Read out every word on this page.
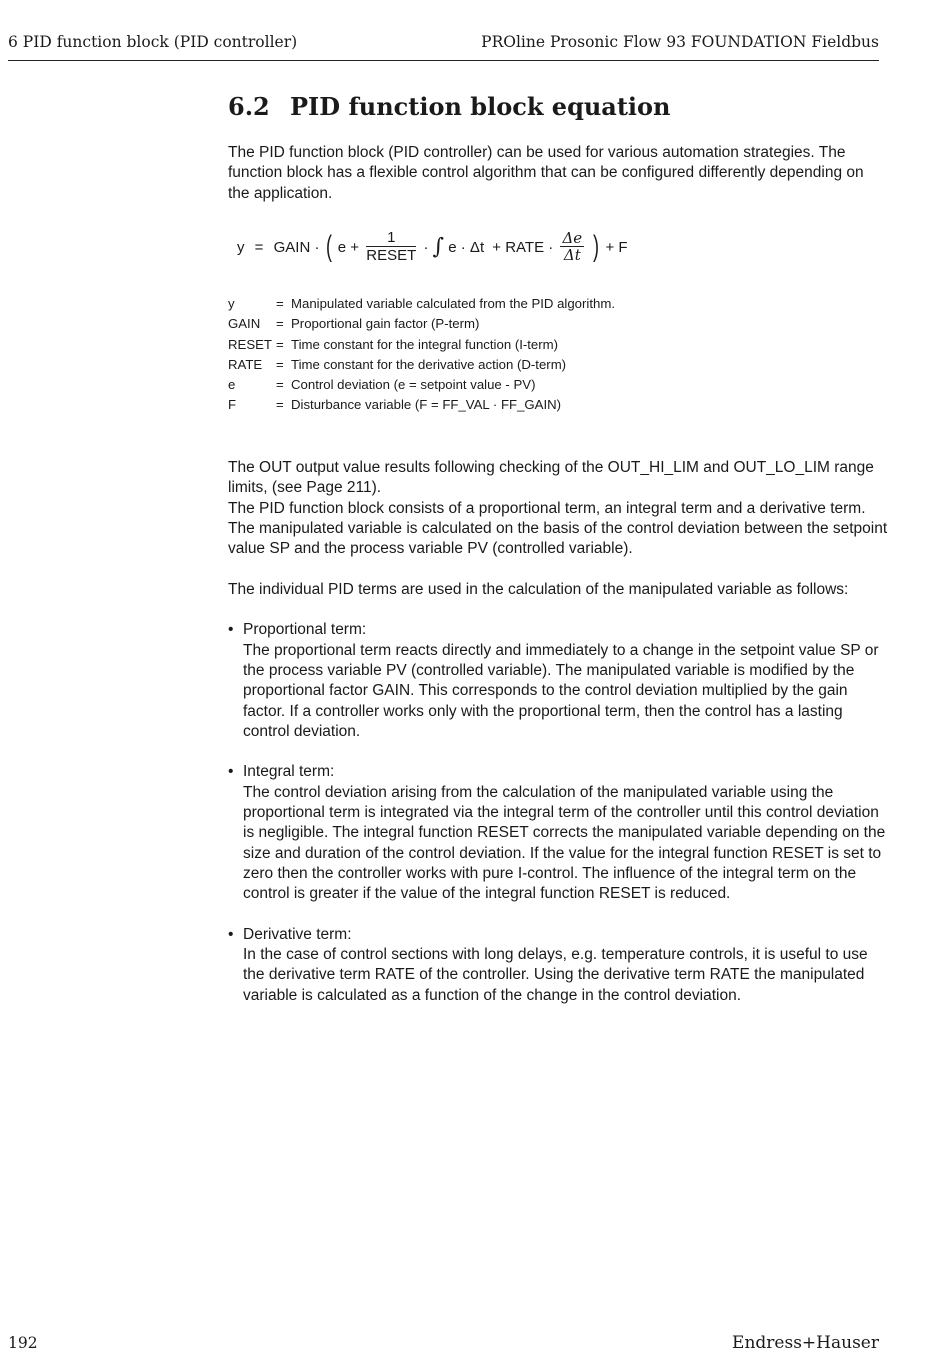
6 PID function block (PID controller)	PROline Prosonic Flow 93 FOUNDATION Fieldbus
6.2 PID function block equation

The PID function block (PID controller) can be used for various automation strategies. The function block has a flexible control algorithm that can be configured differently depending on the application.

y = GAIN · ( $e + \frac{1}{\text{RESET}}$ · ∫ e · Δt + RATE · $\frac{\Delta e}{\Delta t}$ ) + F
y	= Manipulated variable calculated from the PID algorithm.
GAIN	= Proportional gain factor (P-term)
RESET = Time constant for the integral function (I-term)
RATE	= Time constant for the derivative action (D-term)
e	= Control deviation (e = setpoint value - PV)
F	= Disturbance variable (F = FF_VAL · FF_GAIN)

The OUT output value results following checking of the OUT_HI_LIM and OUT_LO_LIM range limits, (see Page 211).

The PID function block consists of a proportional term, an integral term and a derivative term. The manipulated variable is calculated on the basis of the control deviation between the setpoint value SP and the process variable PV (controlled variable).

The individual PID terms are used in the calculation of the manipulated variable as follows:

• Proportional term:

The proportional term reacts directly and immediately to a change in the setpoint value SP or the process variable PV (controlled variable). The manipulated variable is modified by the proportional factor GAIN. This corresponds to the control deviation multiplied by the gain factor. If a controller works only with the proportional term, then the control has a lasting control deviation.

• Integral term:

The control deviation arising from the calculation of the manipulated variable using the proportional term is integrated via the integral term of the controller until this control deviation is negligible. The integral function RESET corrects the manipulated variable depending on the size and duration of the control deviation. If the value for the integral function RESET is set to zero then the controller works with pure I-control. The influence of the integral term on the control is greater if the value of the integral function RESET is reduced.

• Derivative term:

In the case of control sections with long delays, e.g. temperature controls, it is useful to use the derivative term RATE of the controller. Using the derivative term RATE the manipulated variable is calculated as a function of the change in the control deviation.

192	Endress+Hauser
